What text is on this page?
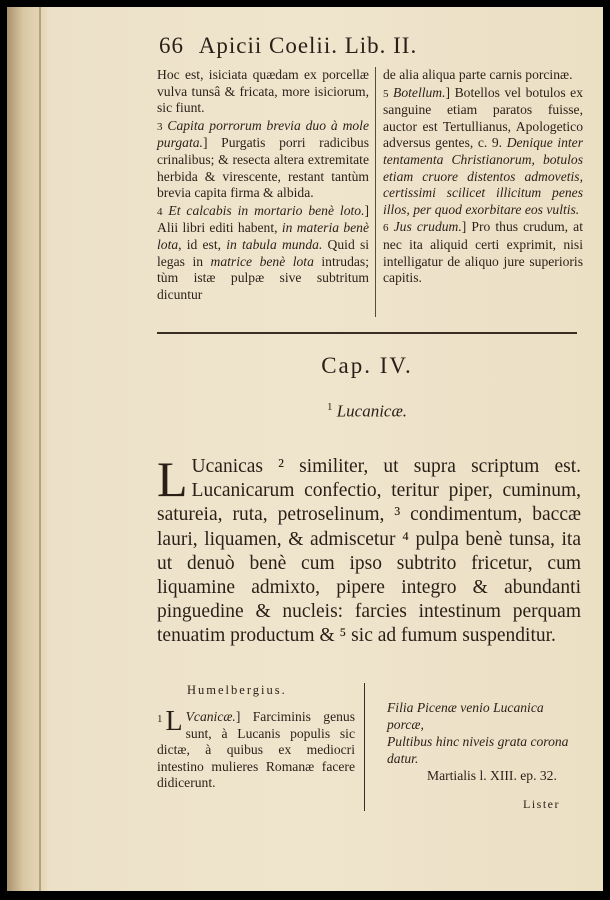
66 Apicii Coelii. Lib. II.

Hoc est, isiciata quædam ex porcellæ vulva tunsâ & fricata, more isiciorum, sic fiunt.

3 Capita porrorum brevia duo à mole purgata.] Purgatis porri radicibus crinalibus; & resecta altera extremitate herbida & virescente, restant tantùm brevia capita firma & albida.

4 Et calcabis in mortario benè loto.] Alii libri editi habent, in materia benè lota, id est, in tabula munda. Quid si legas in matrice benè lota intrudas; tùm istæ pulpæ sive subtritum dicuntur

de alia aliqua parte carnis porcinæ.

5 Botellum.] Botellos vel botulos ex sanguine etiam paratos fuisse, auctor est Tertullianus, Apologetico adversus gentes, c. 9. Denique inter tentamenta Christianorum, botulos etiam cruore distentos admovetis, certissimi scilicet illicitum penes illos, per quod exorbitare eos vultis.

6 Jus crudum.] Pro thus crudum, at nec ita aliquid certi exprimit, nisi intelligatur de aliquo jure superioris capitis.

Cap. IV.
$^1$ Lucanicæ.
L Ucanicas ² similiter, ut supra scriptum est. Lucanicarum confectio, teritur piper, cuminum, satureia, ruta, petroselinum, ³ condimentum, baccæ lauri, liquamen, & admiscetur ⁴ pulpa benè tunsa, ita ut denuò benè cum ipso subtrito fricetur, cum liquamine admixto, pipere integro & abundanti pinguedine & nucleis: farcies intestinum perquam tenuatim productum & ⁵ sic ad fumum suspenditur.
Humelbergius.
1 L Vcanicæ.] Farciminis genus sunt, à Lucanis populis sic dictæ, à quibus ex mediocri intestino mulieres Romanæ facere didicerunt.
Filia Picenæ venio Lucanica porcæ,
Pultibus hinc niveis grata corona datur.
Martialis l. XIII. ep. 32.
Lister
